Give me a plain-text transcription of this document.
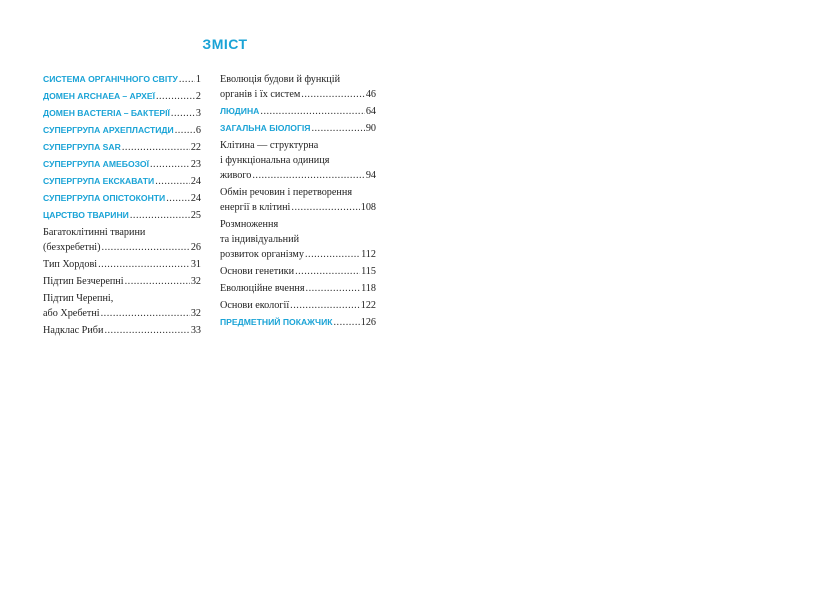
ЗМІСТ
СИСТЕМА ОРГАНІЧНОГО СВІТУ ..... 1
ДОМЕН ARCHAEA – АРХЕЇ .....	2
ДОМЕН BACTERIA – БАКТЕРІЇ .....	3
СУПЕРГРУПА АРХЕПЛАСТИДИ ..... 6
СУПЕРГРУПА SAR .....	22
СУПЕРГРУПА АМЕБОЗОЇ .....	23
СУПЕРГРУПА ЕКСКАВАТИ .....	24
СУПЕРГРУПА ОПІСТОКОНТИ .....	24
ЦАРСТВО ТВАРИНИ .....	25
Багатоклітинні тварини
(безхребетні) .....	26
Тип Хордові .....	31
Підтип Безчерепні .....	32
Підтип Черепні,
або Хребетні .....	32
Надклас Риби .....	33
Еволюція будови й функцій
органів і їх систем .....	46
ЛЮДИНА .....	64
ЗАГАЛЬНА БІОЛОГІЯ .....	90
Клітина — структурна
і функціональна одиниця
живого .....	94
Обмін речовин і перетворення
енергії в клітині .....	108
Розмноження
та індивідуальний
розвиток організму .....	112
Основи генетики .....	115
Еволюційне вчення .....	118
Основи екології .....	122
ПРЕДМЕТНИЙ ПОКАЖЧИК .....	126
